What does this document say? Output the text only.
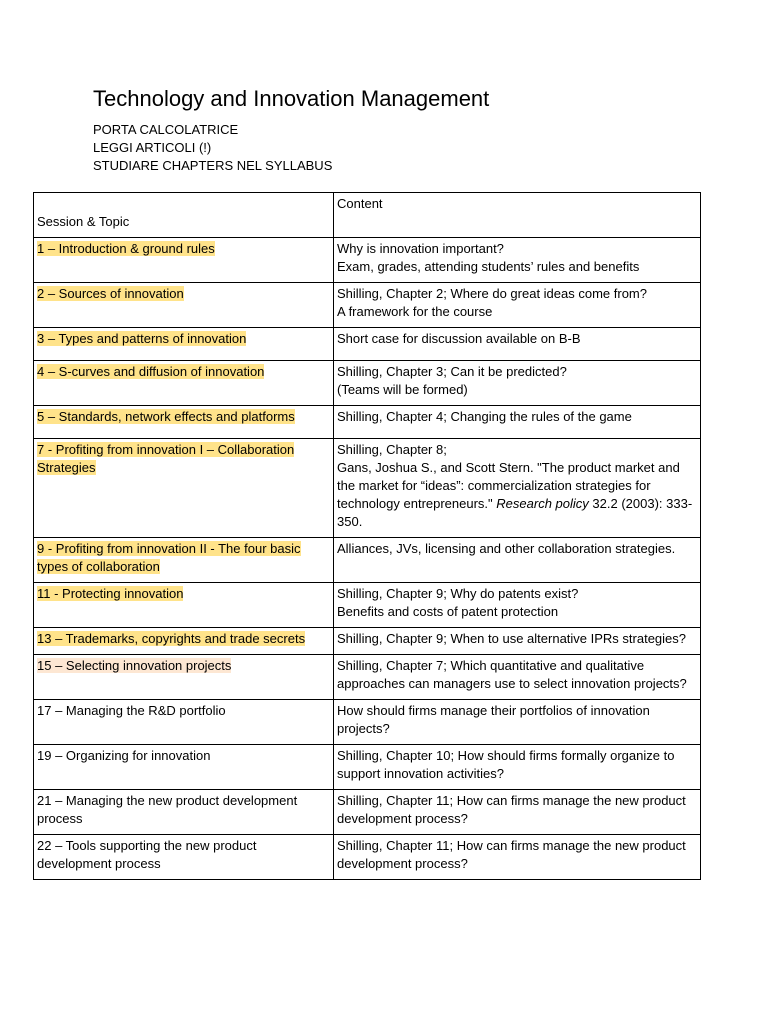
Technology and Innovation Management
PORTA CALCOLATRICE
LEGGI ARTICOLI (!)
STUDIARE CHAPTERS NEL SYLLABUS
Session & Topic	Content
1 – Introduction & ground rules	Why is innovation important?
Exam, grades, attending students’ rules and benefits

2 – Sources of innovation	Shilling, Chapter 2; Where do great ideas come from?
A framework for the course

3 – Types and patterns of innovation	Short case for discussion available on B-B

4 – S-curves and diffusion of innovation	Shilling, Chapter 3; Can it be predicted?
(Teams will be formed)

5 – Standards, network effects and platforms	Shilling, Chapter 4; Changing the rules of the game

7 - Profiting from innovation I – Collaboration Strategies	Shilling, Chapter 8;
Gans, Joshua S., and Scott Stern. "The product market and the market for “ideas”: commercialization strategies for technology entrepreneurs." Research policy 32.2 (2003): 333-350.

9 - Profiting from innovation II - The four basic types of collaboration	Alliances, JVs, licensing and other collaboration strategies.

11 - Protecting innovation	Shilling, Chapter 9; Why do patents exist?
Benefits and costs of patent protection

13 – Trademarks, copyrights and trade secrets	Shilling, Chapter 9; When to use alternative IPRs strategies?

15 – Selecting innovation projects	Shilling, Chapter 7; Which quantitative and qualitative approaches can managers use to select innovation projects?

17 – Managing the R&D portfolio	How should firms manage their portfolios of innovation projects?

19 – Organizing for innovation	Shilling, Chapter 10; How should firms formally organize to support innovation activities?

21 – Managing the new product development process	Shilling, Chapter 11; How can firms manage the new product development process?

22 – Tools supporting the new product development process	Shilling, Chapter 11; How can firms manage the new product development process?
